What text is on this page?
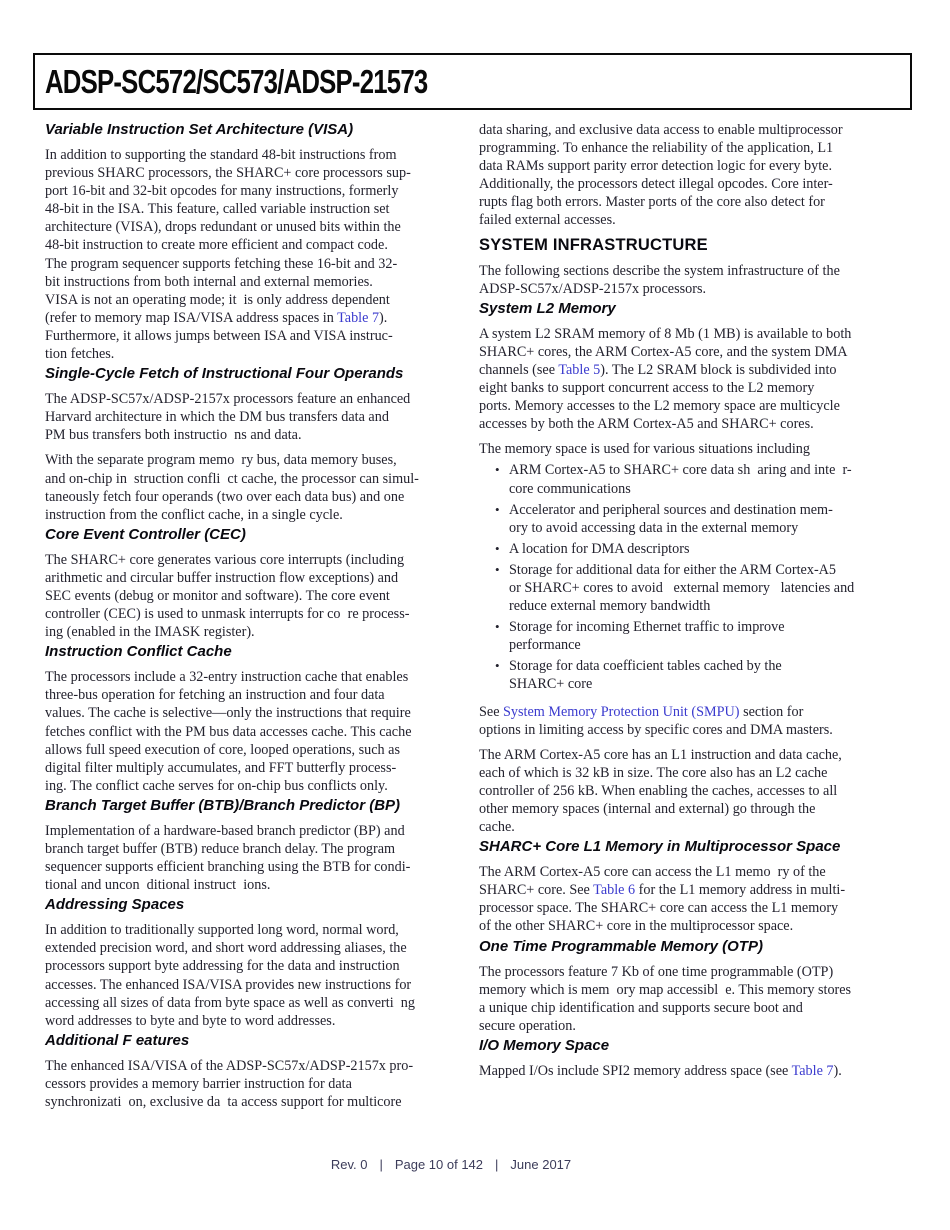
ADSP-SC572/SC573/ADSP-21573
Variable Instruction Set Architecture (VISA)
In addition to supporting the standard 48-bit instructions from
previous SHARC processors, the SHARC+ core processors sup-
port 16-bit and 32-bit opcodes for many instructions, formerly
48-bit in the ISA. This feature, called variable instruction set
architecture (VISA), drops redundant or unused bits within the
48-bit instruction to create more efficient and compact code.
The program sequencer supports fetching these 16-bit and 32-
bit instructions from both internal and external memories.
VISA is not an operating mode; it  is only address dependent
(refer to memory map ISA/VISA address spaces in Table 7).
Furthermore, it allows jumps between ISA and VISA instruc-
tion fetches.
Single-Cycle Fetch of Instructional Four Operands
The ADSP-SC57x/ADSP-2157x processors feature an enhanced
Harvard architecture in which the DM bus transfers data and
PM bus transfers both instructio  ns and data.
With the separate program memo  ry bus, data memory buses,
and on-chip in  struction confli  ct cache, the processor can simul-
taneously fetch four operands (two over each data bus) and one
instruction from the conflict cache, in a single cycle.
Core Event Controller (CEC)
The SHARC+ core generates various core interrupts (including
arithmetic and circular buffer instruction flow exceptions) and
SEC events (debug or monitor and software). The core event
controller (CEC) is used to unmask interrupts for co  re process-
ing (enabled in the IMASK register).
Instruction Conflict Cache
The processors include a 32-entry instruction cache that enables
three-bus operation for fetching an instruction and four data
values. The cache is selective—only the instructions that require
fetches conflict with the PM bus data accesses cache. This cache
allows full speed execution of core, looped operations, such as
digital filter multiply accumulates, and FFT butterfly process-
ing. The conflict cache serves for on-chip bus conflicts only.
Branch Target Buffer (BTB)/Branch Predictor (BP)
Implementation of a hardware-based branch predictor (BP) and
branch target buffer (BTB) reduce branch delay. The program
sequencer supports efficient branching using the BTB for condi-
tional and uncon  ditional instruct  ions.
Addressing Spaces
In addition to traditionally supported long word, normal word,
extended precision word, and short word addressing aliases, the
processors support byte addressing for the data and instruction
accesses. The enhanced ISA/VISA provides new instructions for
accessing all sizes of data from byte space as well as converti  ng
word addresses to byte and byte to word addresses.
Additional F eatures
The enhanced ISA/VISA of the ADSP-SC57x/ADSP-2157x pro-
cessors provides a memory barrier instruction for data
synchronizati  on, exclusive da  ta access support for multicore
data sharing, and exclusive data access to enable multiprocessor
programming. To enhance the reliability of the application, L1
data RAMs support parity error detection logic for every byte.
Additionally, the processors detect illegal opcodes. Core inter-
rupts flag both errors. Master ports of the core also detect for
failed external accesses.
SYSTEM INFRASTRUCTURE
The following sections describe the system infrastructure of the
ADSP-SC57x/ADSP-2157x processors.
System L2 Memory
A system L2 SRAM memory of 8 Mb (1 MB) is available to both
SHARC+ cores, the ARM Cortex-A5 core, and the system DMA
channels (see Table 5). The L2 SRAM block is subdivided into
eight banks to support concurrent access to the L2 memory
ports. Memory accesses to the L2 memory space are multicycle
accesses by both the ARM Cortex-A5 and SHARC+ cores.
The memory space is used for various situations including
• ARM Cortex-A5 to SHARC+ core data sh  aring and inte  r-
core communications
• Accelerator and peripheral sources and destination mem-
ory to avoid accessing data in the external memory
• A location for DMA descriptors
• Storage for additional data for either the ARM Cortex-A5
or SHARC+ cores to avoid   external memory   latencies and
reduce external memory bandwidth
• Storage for incoming Ethernet traffic to improve
performance
• Storage for data coefficient tables cached by the
SHARC+ core
See System Memory Protection Unit (SMPU) section for
options in limiting access by specific cores and DMA masters.
The ARM Cortex-A5 core has an L1 instruction and data cache,
each of which is 32 kB in size. The core also has an L2 cache
controller of 256 kB. When enabling the caches, accesses to all
other memory spaces (internal and external) go through the
cache.
SHARC+ Core L1 Memory in Multiprocessor Space
The ARM Cortex-A5 core can access the L1 memo  ry of the
SHARC+ core. See Table 6 for the L1 memory address in multi-
processor space. The SHARC+ core can access the L1 memory
of the other SHARC+ core in the multiprocessor space.
One Time Programmable Memory (OTP)
The processors feature 7 Kb of one time programmable (OTP)
memory which is mem  ory map accessibl  e. This memory stores
a unique chip identification and supports secure boot and
secure operation.
I/O Memory Space
Mapped I/Os include SPI2 memory address space (see Table 7).
Rev. 0 | Page 10 of 142 | June 2017
